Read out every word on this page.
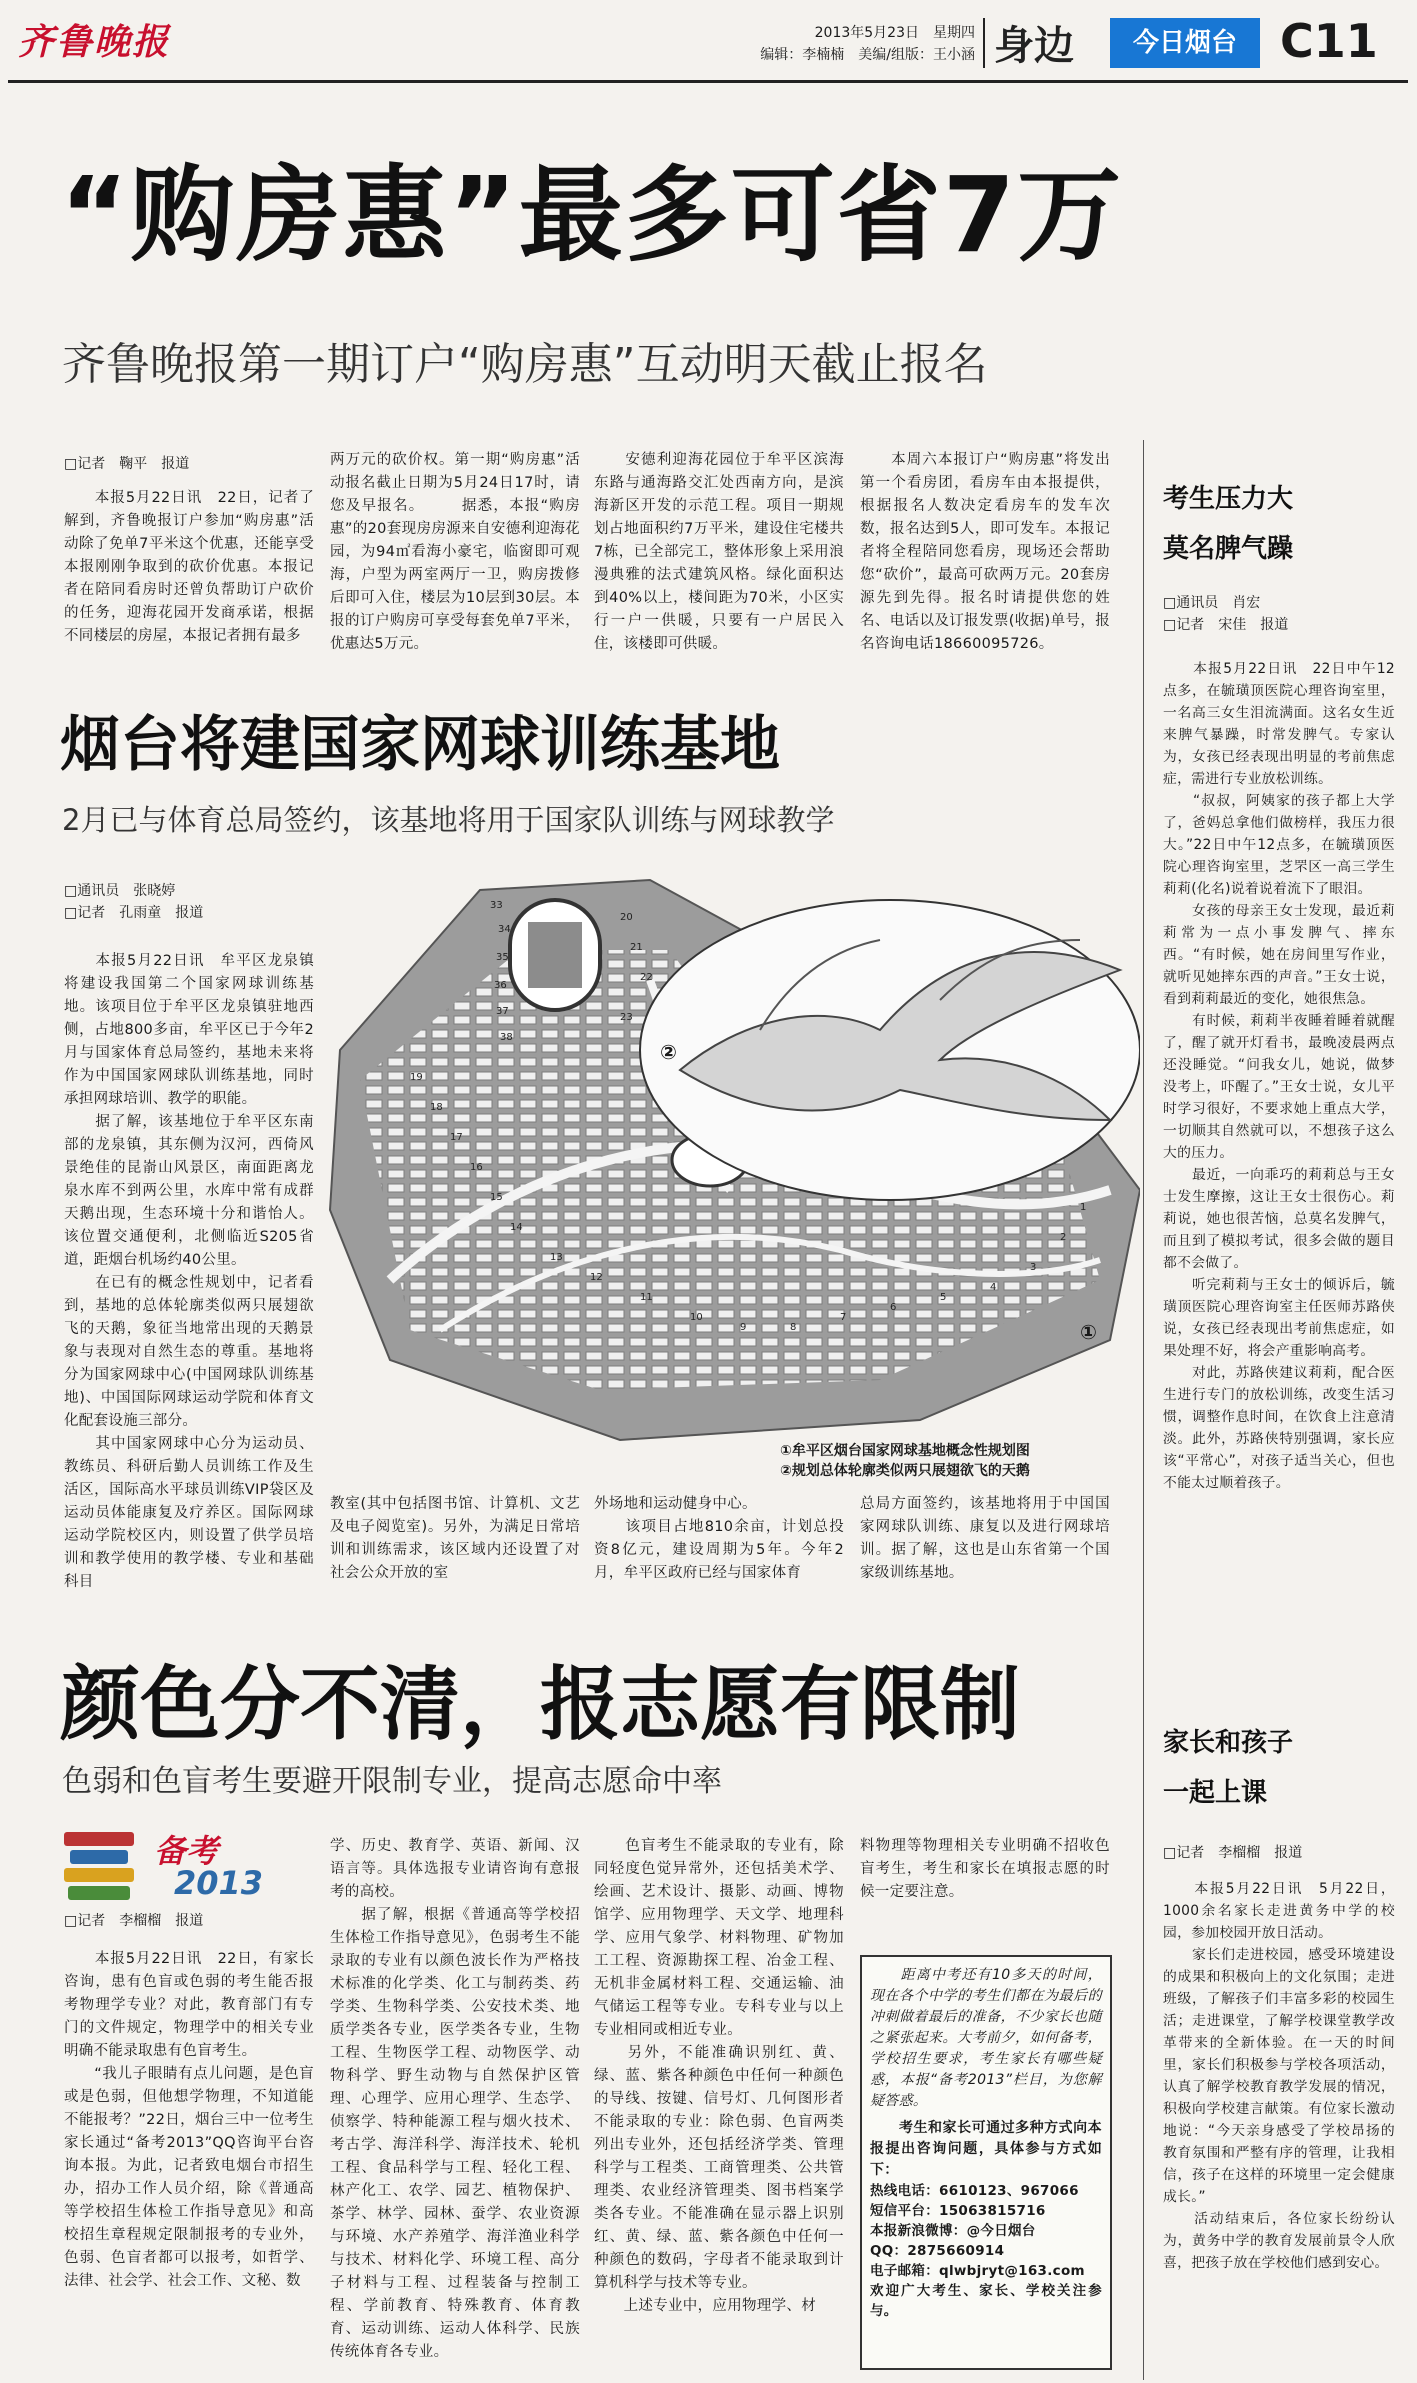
齐鲁晚报	2013年5月23日　星期四
编辑：李楠楠　美编/组版：王小涵 身边	今日烟台 C11
“购房惠”最多可省7万
齐鲁晚报第一期订户“购房惠”互动明天截止报名
□记者　鞠平　报道

　　本报5月22日讯　22日，记者了解到，齐鲁晚报订户参加“购房惠”活动除了免单7平米这个优惠，还能享受本报刚刚争取到的砍价优惠。本报记者在陪同看房时还曾负帮助订户砍价的任务，迎海花园开发商承诺，根据不同楼层的房屋，本报记者拥有最多

两万元的砍价权。第一期“购房惠”活动报名截止日期为5月24日17时，请您及早报名。 　　据悉，本报“购房惠”的20套现房房源来自安德利迎海花园，为94㎡看海小豪宅，临窗即可观海，户型为两室两厅一卫，购房拨修后即可入住，楼层为10层到30层。本报的订户购房可享受每套免单7平米，优惠达5万元。

　　安德利迎海花园位于牟平区滨海东路与通海路交汇处西南方向，是滨海新区开发的示范工程。项目一期规划占地面积约7万平米，建设住宅楼共7栋，已全部完工，整体形象上采用浪漫典雅的法式建筑风格。绿化面积达到40%以上，楼间距为70米，小区实行一户一供暖，只要有一户居民入住，该楼即可供暖。

　　本周六本报订户“购房惠”将发出第一个看房团，看房车由本报提供，根据报名人数决定看房车的发车次数，报名达到5人，即可发车。本报记者将全程陪同您看房，现场还会帮助您“砍价”，最高可砍两万元。20套房源先到先得。报名时请提供您的姓名、电话以及订报发票(收据)单号，报名咨询电话18660095726。

烟台将建国家网球训练基地
2月已与体育总局签约，该基地将用于国家队训练与网球教学
□通讯员　张晓婷
□记者　孔雨童　报道

　　本报5月22日讯　牟平区龙泉镇将建设我国第二个国家网球训练基地。该项目位于牟平区龙泉镇驻地西侧，占地800多亩，牟平区已于今年2月与国家体育总局签约，基地未来将作为中国国家网球队训练基地，同时承担网球培训、教学的职能。
　　据了解，该基地位于牟平区东南部的龙泉镇，其东侧为汉河，西倚风景绝佳的昆嵛山风景区，南面距离龙泉水库不到两公里，水库中常有成群天鹅出现，生态环境十分和谐怡人。该位置交通便利，北侧临近S205省道，距烟台机场约40公里。
　　在已有的概念性规划中，记者看到，基地的总体轮廓类似两只展翅欲飞的天鹅，象征当地常出现的天鹅景象与表现对自然生态的尊重。基地将分为国家网球中心(中国网球队训练基地)、中国国际网球运动学院和体育文化配套设施三部分。
　　其中国家网球中心分为运动员、教练员、科研后勤人员训练工作及生活区，国际高水平球员训练VIP袋区及运动员体能康复及疗养区。国际网球运动学院校区内，则设置了供学员培训和教学使用的教学楼、专业和基础科目

教室(其中包括图书馆、计算机、文艺及电子阅览室)。另外，为满足日常培训和训练需求，该区域内还设置了对社会公众开放的室

外场地和运动健身中心。
　　该项目占地810余亩，计划总投资8亿元，建设周期为5年。今年2月，牟平区政府已经与国家体育

总局方面签约，该基地将用于中国国家网球队训练、康复以及进行网球培训。据了解，这也是山东省第一个国家级训练基地。

33
34
35
36
37
38
20
21
22
23
19
18
17
16
15
14
13
12
11
10
9	8
7
6
5
4
3
2
1
①
②
①牟平区烟台国家网球基地概念性规划图
②规划总体轮廓类似两只展翅欲飞的天鹅
颜色分不清，报志愿有限制
色弱和色盲考生要避开限制专业，提高志愿命中率
备考
2013
□记者　李榴榴　报道

　　本报5月22日讯　22日，有家长咨询，患有色盲或色弱的考生能否报考物理学专业？对此，教育部门有专门的文件规定，物理学中的相关专业明确不能录取患有色盲考生。
　　“我儿子眼睛有点儿问题，是色盲或是色弱，但他想学物理，不知道能不能报考？”22日，烟台三中一位考生家长通过“备考2013”QQ咨询平台咨询本报。为此，记者致电烟台市招生办，招办工作人员介绍，除《普通高等学校招生体检工作指导意见》和高校招生章程规定限制报考的专业外，色弱、色盲者都可以报考，如哲学、法律、社会学、社会工作、文秘、数

学、历史、教育学、英语、新闻、汉语言等。具体选报专业请咨询有意报考的高校。
　　据了解，根据《普通高等学校招生体检工作指导意见》，色弱考生不能录取的专业有以颜色波长作为严格技术标准的化学类、化工与制药类、药学类、生物科学类、公安技术类、地质学类各专业，医学类各专业，生物工程、生物医学工程、动物医学、动物科学、野生动物与自然保护区管理、心理学、应用心理学、生态学、侦察学、特种能源工程与烟火技术、考古学、海洋科学、海洋技术、轮机工程、食品科学与工程、轻化工程、林产化工、农学、园艺、植物保护、茶学、林学、园林、蚕学、农业资源与环境、水产养殖学、海洋渔业科学与技术、材料化学、环境工程、高分子材料与工程、过程装备与控制工程、学前教育、特殊教育、体育教育、运动训练、运动人体科学、民族传统体育各专业。

　　色盲考生不能录取的专业有，除同轻度色觉异常外，还包括美术学、绘画、艺术设计、摄影、动画、博物馆学、应用物理学、天文学、地理科学、应用气象学、材料物理、矿物加工工程、资源勘探工程、冶金工程、无机非金属材料工程、交通运输、油气储运工程等专业。专科专业与以上专业相同或相近专业。
　　另外，不能准确识别红、黄、绿、蓝、紫各种颜色中任何一种颜色的导线、按键、信号灯、几何图形者不能录取的专业：除色弱、色盲两类列出专业外，还包括经济学类、管理科学与工程类、工商管理类、公共管理类、农业经济管理类、图书档案学类各专业。不能准确在显示器上识别红、黄、绿、蓝、紫各颜色中任何一种颜色的数码，字母者不能录取到计算机科学与技术等专业。
　　上述专业中，应用物理学、材

料物理等物理相关专业明确不招收色盲考生，考生和家长在填报志愿的时候一定要注意。

　　距离中考还有10多天的时间，现在各个中学的考生们都在为最后的冲刺做着最后的准备，不少家长也随之紧张起来。大考前夕，如何备考，学校招生要求，考生家长有哪些疑惑，本报“备考2013”栏目，为您解疑答惑。

　　考生和家长可通过多种方式向本报提出咨询问题，具体参与方式如下：

热线电话：6610123、967066

短信平台：15063815716

本报新浪微博：@今日烟台

QQ：2875660914

电子邮箱：qlwbjryt@163.com

欢迎广大考生、家长、学校关注参与。

考生压力大
莫名脾气躁
□通讯员　肖宏
□记者　宋佳　报道

　　本报5月22日讯　22日中午12点多，在毓璜顶医院心理咨询室里，一名高三女生泪流满面。这名女生近来脾气暴躁，时常发脾气。专家认为，女孩已经表现出明显的考前焦虑症，需进行专业放松训练。
　　“叔叔，阿姨家的孩子都上大学了，爸妈总拿他们做榜样，我压力很大。”22日中午12点多，在毓璜顶医院心理咨询室里，芝罘区一高三学生莉莉(化名)说着说着流下了眼泪。
　　女孩的母亲王女士发现，最近莉莉常为一点小事发脾气、摔东西。“有时候，她在房间里写作业，就听见她摔东西的声音。”王女士说，看到莉莉最近的变化，她很焦急。
　　有时候，莉莉半夜睡着睡着就醒了，醒了就开灯看书，最晚凌晨两点还没睡觉。“问我女儿，她说，做梦没考上，吓醒了。”王女士说，女儿平时学习很好，不要求她上重点大学，一切顺其自然就可以，不想孩子这么大的压力。
　　最近，一向乖巧的莉莉总与王女士发生摩擦，这让王女士很伤心。莉莉说，她也很苦恼，总莫名发脾气，而且到了模拟考试，很多会做的题目都不会做了。
　　听完莉莉与王女士的倾诉后，毓璜顶医院心理咨询室主任医师苏路侠说，女孩已经表现出考前焦虑症，如果处理不好，将会产重影响高考。
　　对此，苏路侠建议莉莉，配合医生进行专门的放松训练，改变生活习惯，调整作息时间，在饮食上注意清淡。此外，苏路侠特别强调，家长应该“平常心”，对孩子适当关心，但也不能太过顺着孩子。

家长和孩子
一起上课
□记者　李榴榴　报道

　　本报5月22日讯　5月22日，1000余名家长走进黄务中学的校园，参加校园开放日活动。
　　家长们走进校园，感受环境建设的成果和积极向上的文化氛围；走进班级，了解孩子们丰富多彩的校园生活；走进课堂，了解学校课堂教学改革带来的全新体验。在一天的时间里，家长们积极参与学校各项活动，认真了解学校教育教学发展的情况，积极向学校建言献策。有位家长激动地说：“今天亲身感受了学校昂扬的教育氛围和严整有序的管理，让我相信，孩子在这样的环境里一定会健康成长。”
　　活动结束后，各位家长纷纷认为，黄务中学的教育发展前景令人欣喜，把孩子放在学校他们感到安心。
